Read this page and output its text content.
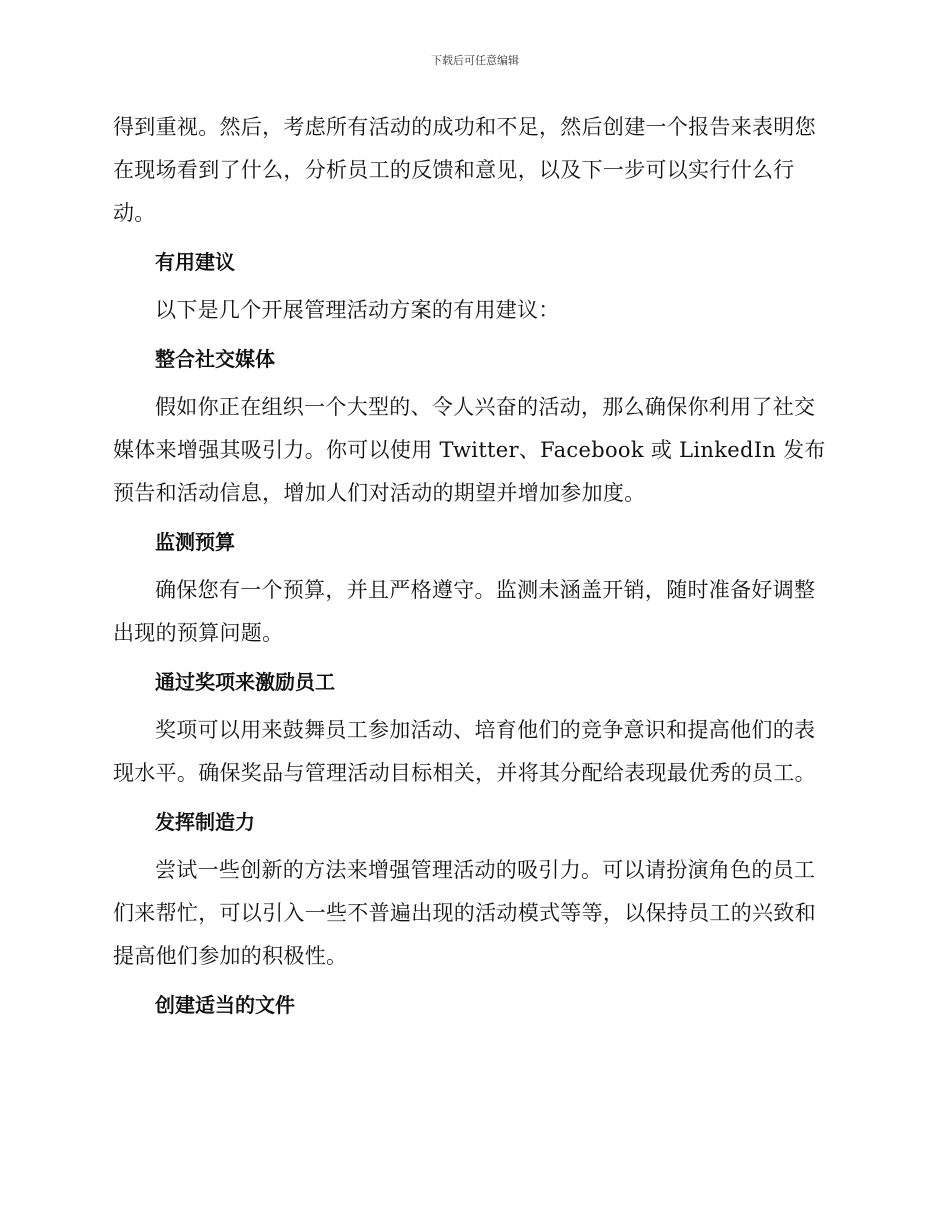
下载后可任意编辑

得到重视。然后，考虑所有活动的成功和不足，然后创建一个报告来表明您在现场看到了什么，分析员工的反馈和意见，以及下一步可以实行什么行动。

有用建议

以下是几个开展管理活动方案的有用建议：

整合社交媒体

假如你正在组织一个大型的、令人兴奋的活动，那么确保你利用了社交媒体来增强其吸引力。你可以使用 Twitter、Facebook 或 LinkedIn 发布预告和活动信息，增加人们对活动的期望并增加参加度。

监测预算

确保您有一个预算，并且严格遵守。监测未涵盖开销，随时准备好调整出现的预算问题。

通过奖项来激励员工

奖项可以用来鼓舞员工参加活动、培育他们的竞争意识和提高他们的表现水平。确保奖品与管理活动目标相关，并将其分配给表现最优秀的员工。

发挥制造力

尝试一些创新的方法来增强管理活动的吸引力。可以请扮演角色的员工们来帮忙，可以引入一些不普遍出现的活动模式等等，以保持员工的兴致和提高他们参加的积极性。

创建适当的文件
